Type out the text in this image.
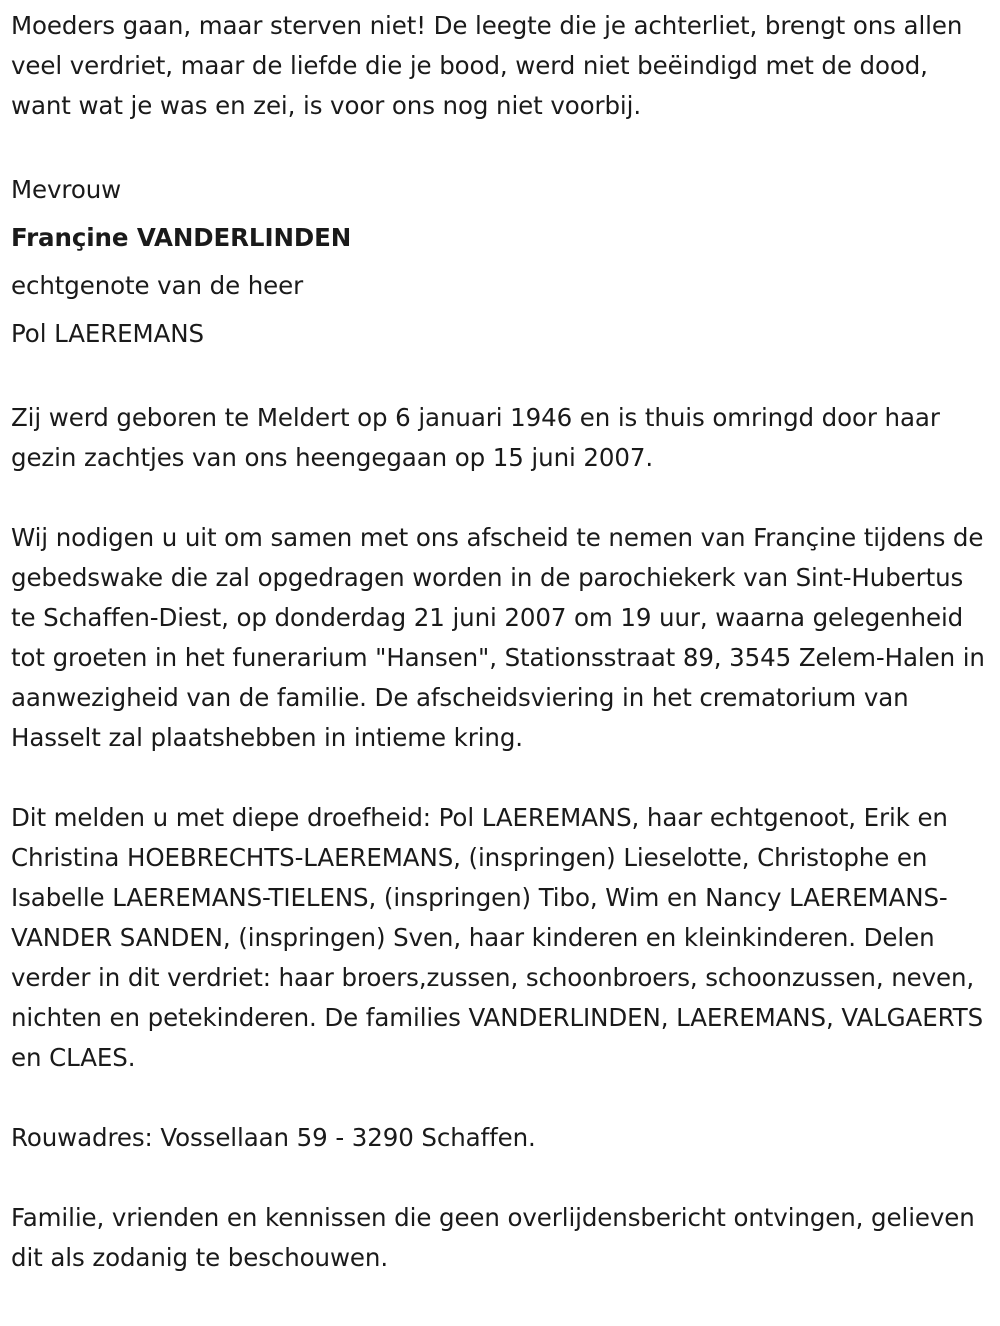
Moeders gaan, maar sterven niet! De leegte die je achterliet, brengt ons allen veel verdriet, maar de liefde die je bood, werd niet beëindigd met de dood, want wat je was en zei, is voor ons nog niet voorbij.

Mevrouw
Françine VANDERLINDEN
echtgenote van de heer
Pol LAEREMANS

Zij werd geboren te Meldert op 6 januari 1946 en is thuis omringd door haar gezin zachtjes van ons heengegaan op 15 juni 2007.

Wij nodigen u uit om samen met ons afscheid te nemen van Françine tijdens de gebedswake die zal opgedragen worden in de parochiekerk van Sint-Hubertus te Schaffen-Diest, op donderdag 21 juni 2007 om 19 uur, waarna gelegenheid tot groeten in het funerarium "Hansen", Stationsstraat 89, 3545 Zelem-Halen in aanwezigheid van de familie. De afscheidsviering in het crematorium van Hasselt zal plaatshebben in intieme kring.

Dit melden u met diepe droefheid: Pol LAEREMANS, haar echtgenoot, Erik en Christina HOEBRECHTS-LAEREMANS, (inspringen) Lieselotte, Christophe en Isabelle LAEREMANS-TIELENS, (inspringen) Tibo, Wim en Nancy LAEREMANS-VANDER SANDEN, (inspringen) Sven, haar kinderen en kleinkinderen. Delen verder in dit verdriet: haar broers,zussen, schoonbroers, schoonzussen, neven, nichten en petekinderen. De families VANDERLINDEN, LAEREMANS, VALGAERTS en CLAES.

Rouwadres: Vossellaan 59 - 3290 Schaffen.

Familie, vrienden en kennissen die geen overlijdensbericht ontvingen, gelieven dit als zodanig te beschouwen.
